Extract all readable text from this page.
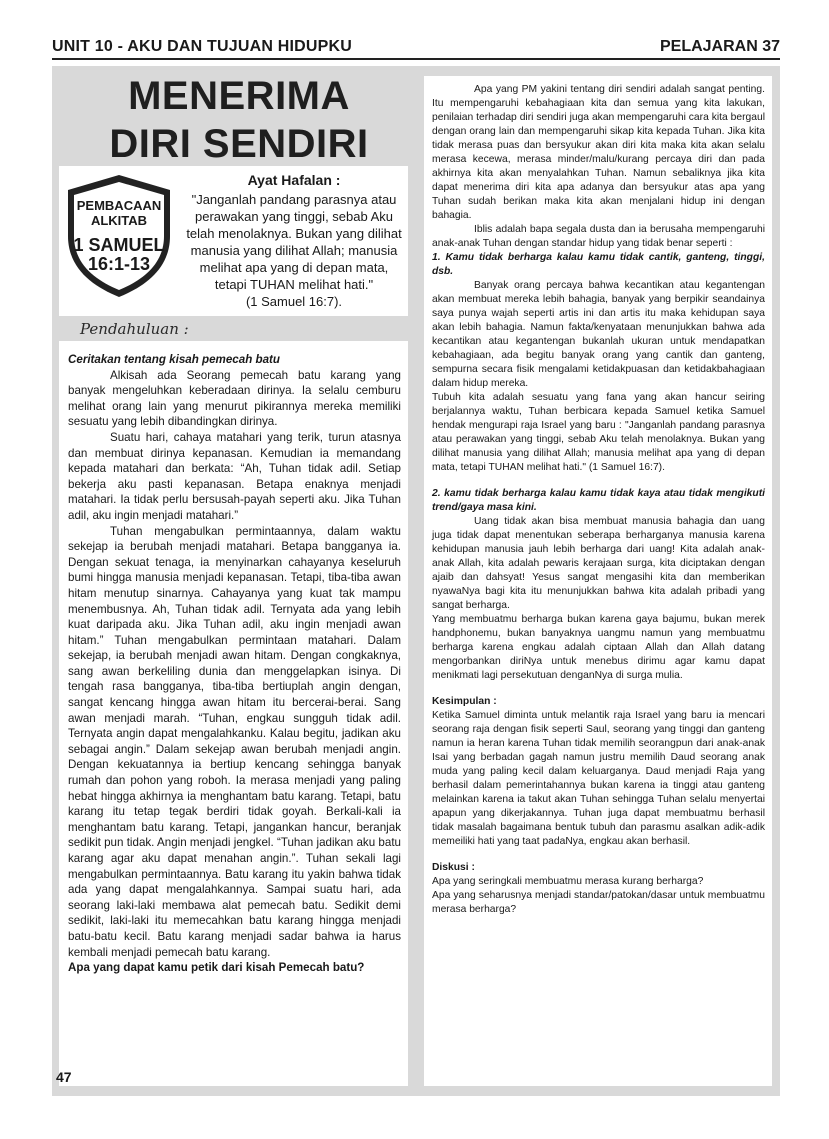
UNIT 10 - AKU DAN TUJUAN HIDUPKU	PELAJARAN 37
MENERIMA
DIRI SENDIRI
PEMBACAAN
ALKITAB
1 SAMUEL
16:1-13
Ayat Hafalan :
"Janganlah pandang parasnya atau perawakan yang tinggi, sebab Aku telah menolaknya. Bukan yang dilihat manusia yang dilihat Allah; manusia melihat apa yang di depan mata, tetapi TUHAN melihat hati."
(1 Samuel 16:7).
Pendahuluan :

Ceritakan tentang kisah pemecah batu

Alkisah ada Seorang pemecah batu karang yang banyak mengeluhkan keberadaan dirinya. Ia selalu cemburu melihat orang lain yang menurut pikirannya mereka memiliki sesuatu yang lebih dibandingkan dirinya.

Suatu hari, cahaya matahari yang terik, turun atasnya dan membuat dirinya kepanasan. Kemudian ia memandang kepada matahari dan berkata: “Ah, Tuhan tidak adil. Setiap bekerja aku pasti kepanasan. Betapa enaknya menjadi matahari. Ia tidak perlu bersusah-payah seperti aku. Jika Tuhan adil, aku ingin menjadi matahari.”

Tuhan mengabulkan permintaannya, dalam waktu sekejap ia berubah menjadi matahari. Betapa bangganya ia. Dengan sekuat tenaga, ia menyinarkan cahayanya keseluruh bumi hingga manusia menjadi kepanasan. Tetapi, tiba-tiba awan hitam menutup sinarnya. Cahayanya yang kuat tak mampu menembusnya. Ah, Tuhan tidak adil. Ternyata ada yang lebih kuat daripada aku. Jika Tuhan adil, aku ingin menjadi awan hitam.” Tuhan mengabulkan permintaan matahari. Dalam sekejap, ia berubah menjadi awan hitam. Dengan congkaknya, sang awan berkeliling dunia dan menggelapkan isinya. Di tengah rasa bangganya, tiba-tiba bertiuplah angin dengan, sangat kencang hingga awan hitam itu bercerai-berai. Sang awan menjadi marah. “Tuhan, engkau sungguh tidak adil. Ternyata angin dapat mengalahkanku. Kalau begitu, jadikan aku sebagai angin.” Dalam sekejap awan berubah menjadi angin. Dengan kekuatannya ia bertiup kencang sehingga banyak rumah dan pohon yang roboh. Ia merasa menjadi yang paling hebat hingga akhirnya ia menghantam batu karang. Tetapi, batu karang itu tetap tegak berdiri tidak goyah. Berkali-kali ia menghantam batu karang. Tetapi, jangankan hancur, beranjak sedikit pun tidak. Angin menjadi jengkel. “Tuhan jadikan aku batu karang agar aku dapat menahan angin.”. Tuhan sekali lagi mengabulkan permintaannya. Batu karang itu yakin bahwa tidak ada yang dapat mengalahkannya. Sampai suatu hari, ada seorang laki-laki membawa alat pemecah batu. Sedikit demi sedikit, laki-laki itu memecahkan batu karang hingga menjadi batu-batu kecil. Batu karang menjadi sadar bahwa ia harus kembali menjadi pemecah batu karang.

Apa yang dapat kamu petik dari kisah Pemecah batu?

Apa yang PM yakini tentang diri sendiri adalah sangat penting. Itu mempengaruhi kebahagiaan kita dan semua yang kita lakukan, penilaian terhadap diri sendiri juga akan mempengaruhi cara kita bergaul dengan orang lain dan mempengaruhi sikap kita kepada Tuhan. Jika kita tidak merasa puas dan bersyukur akan diri kita maka kita akan selalu merasa kecewa, merasa minder/malu/kurang percaya diri dan pada akhirnya kita akan menyalahkan Tuhan. Namun sebaliknya jika kita dapat menerima diri kita apa adanya dan bersyukur atas apa yang Tuhan sudah berikan maka kita akan menjalani hidup ini dengan bahagia.

Iblis adalah bapa segala dusta dan ia berusaha mempengaruhi anak-anak Tuhan dengan standar hidup yang tidak benar seperti :

1. Kamu tidak berharga kalau kamu tidak cantik, ganteng, tinggi, dsb.

Banyak orang percaya bahwa kecantikan atau kegantengan akan membuat mereka lebih bahagia, banyak yang berpikir seandainya saya punya wajah seperti artis ini dan artis itu maka kehidupan saya akan lebih bahagia. Namun fakta/kenyataan menunjukkan bahwa ada kecantikan atau kegantengan bukanlah ukuran untuk mendapatkan kebahagiaan, ada begitu banyak orang yang cantik dan ganteng, sempurna secara fisik mengalami ketidakpuasan dan ketidakbahagiaan dalam hidup mereka.

Tubuh kita adalah sesuatu yang fana yang akan hancur seiring berjalannya waktu, Tuhan berbicara kepada Samuel ketika Samuel hendak mengurapi raja Israel yang baru : "Janganlah pandang parasnya atau perawakan yang tinggi, sebab Aku telah menolaknya. Bukan yang dilihat manusia yang dilihat Allah; manusia melihat apa yang di depan mata, tetapi TUHAN melihat hati." (1 Samuel 16:7).

2. kamu tidak berharga kalau kamu tidak kaya atau tidak mengikuti trend/gaya masa kini.

Uang tidak akan bisa membuat manusia bahagia dan uang juga tidak dapat menentukan seberapa berharganya manusia karena kehidupan manusia jauh lebih berharga dari uang! Kita adalah anak-anak Allah, kita adalah pewaris kerajaan surga, kita diciptakan dengan ajaib dan dahsyat! Yesus sangat mengasihi kita dan memberikan nyawaNya bagi kita itu menunjukkan bahwa kita adalah pribadi yang sangat berharga.

Yang membuatmu berharga bukan karena gaya bajumu, bukan merek handphonemu, bukan banyaknya uangmu namun yang membuatmu berharga karena engkau adalah ciptaan Allah dan Allah datang mengorbankan diriNya untuk menebus dirimu agar kamu dapat menikmati lagi persekutuan denganNya di surga mulia.

Kesimpulan :

Ketika Samuel diminta untuk melantik raja Israel yang baru ia mencari seorang raja dengan fisik seperti Saul, seorang yang tinggi dan ganteng namun ia heran karena Tuhan tidak memilih seorangpun dari anak-anak Isai yang berbadan gagah namun justru memilih Daud seorang anak muda yang paling kecil dalam keluarganya. Daud menjadi Raja yang berhasil dalam pemerintahannya bukan karena ia tinggi atau ganteng melainkan karena ia takut akan Tuhan sehingga Tuhan selalu menyertai apapun yang dikerjakannya. Tuhan juga dapat membuatmu berhasil tidak masalah bagaimana bentuk tubuh dan parasmu asalkan adik-adik memeiliki hati yang taat padaNya, engkau akan berhasil.

Diskusi :

Apa yang seringkali membuatmu merasa kurang berharga?

Apa yang seharusnya menjadi standar/patokan/dasar untuk membuatmu merasa berharga?

47
